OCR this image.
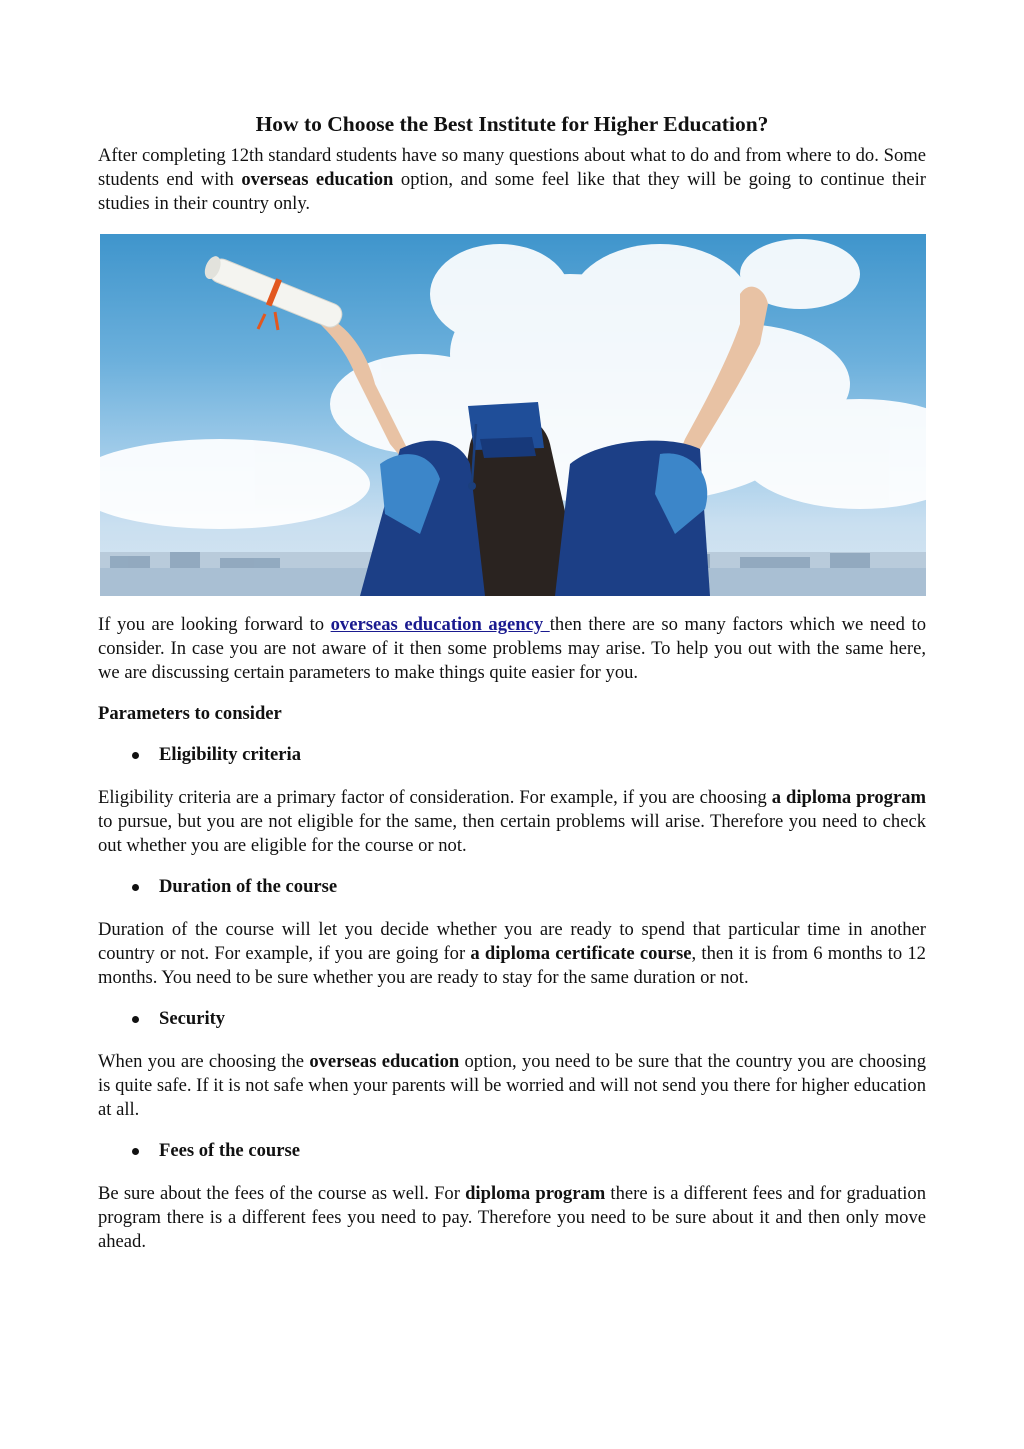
How to Choose the Best Institute for Higher Education?

After completing 12th standard students have so many questions about what to do and from where to do. Some students end with overseas education option, and some feel like that they will be going to continue their studies in their country only.

If you are looking forward to overseas education agency then there are so many factors which we need to consider. In case you are not aware of it then some problems may arise. To help you out with the same here, we are discussing certain parameters to make things quite easier for you.

Parameters to consider

Eligibility criteria

Eligibility criteria are a primary factor of consideration. For example, if you are choosing a diploma program to pursue, but you are not eligible for the same, then certain problems will arise. Therefore you need to check out whether you are eligible for the course or not.

Duration of the course

Duration of the course will let you decide whether you are ready to spend that particular time in another country or not. For example, if you are going for a diploma certificate course, then it is from 6 months to 12 months. You need to be sure whether you are ready to stay for the same duration or not.

Security

When you are choosing the overseas education option, you need to be sure that the country you are choosing is quite safe. If it is not safe when your parents will be worried and will not send you there for higher education at all.

Fees of the course

Be sure about the fees of the course as well. For diploma program there is a different fees and for graduation program there is a different fees you need to pay. Therefore you need to be sure about it and then only move ahead.
